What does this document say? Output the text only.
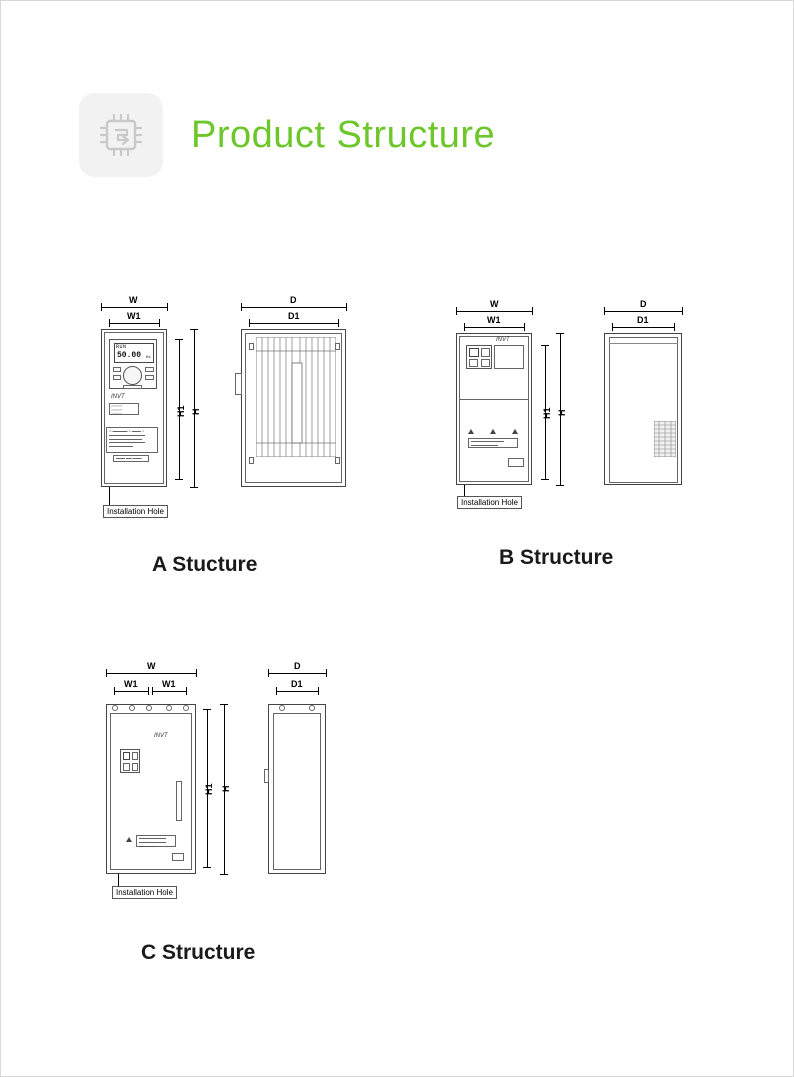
Product Structure
W
W1
RUN
50.00 Hz
INVT
▭▭▭▭
▭▭▭▭
▭▭▭▭
⚠ ▬▬▬▬▬ ⚠ ▬▬▬ ⚠
▬▬▬▬▬▬▬▬▬▬▬▬
▬▬▬▬▬▬▬▬▬▬▬
▬▬▬▬▬▬▬▬▬▬▬▬
▬▬▬▬▬▬▬▬
▬▬▬ ▬▬ ▬▬▬
Installation Hole
H1 H
D
D1
A Stucture
W
W1
INVT
▬▬▬▬▬▬▬▬▬▬▬
▬▬▬▬▬▬▬▬▬
Installation Hole
H1 H
D
D1
B Structure
W
W1	W1
INVT
▬▬▬▬▬▬▬▬▬
▬▬▬▬▬▬▬▬▬
▬▬▬▬▬▬
Installation Hole
H1 H
D
D1
C Structure
